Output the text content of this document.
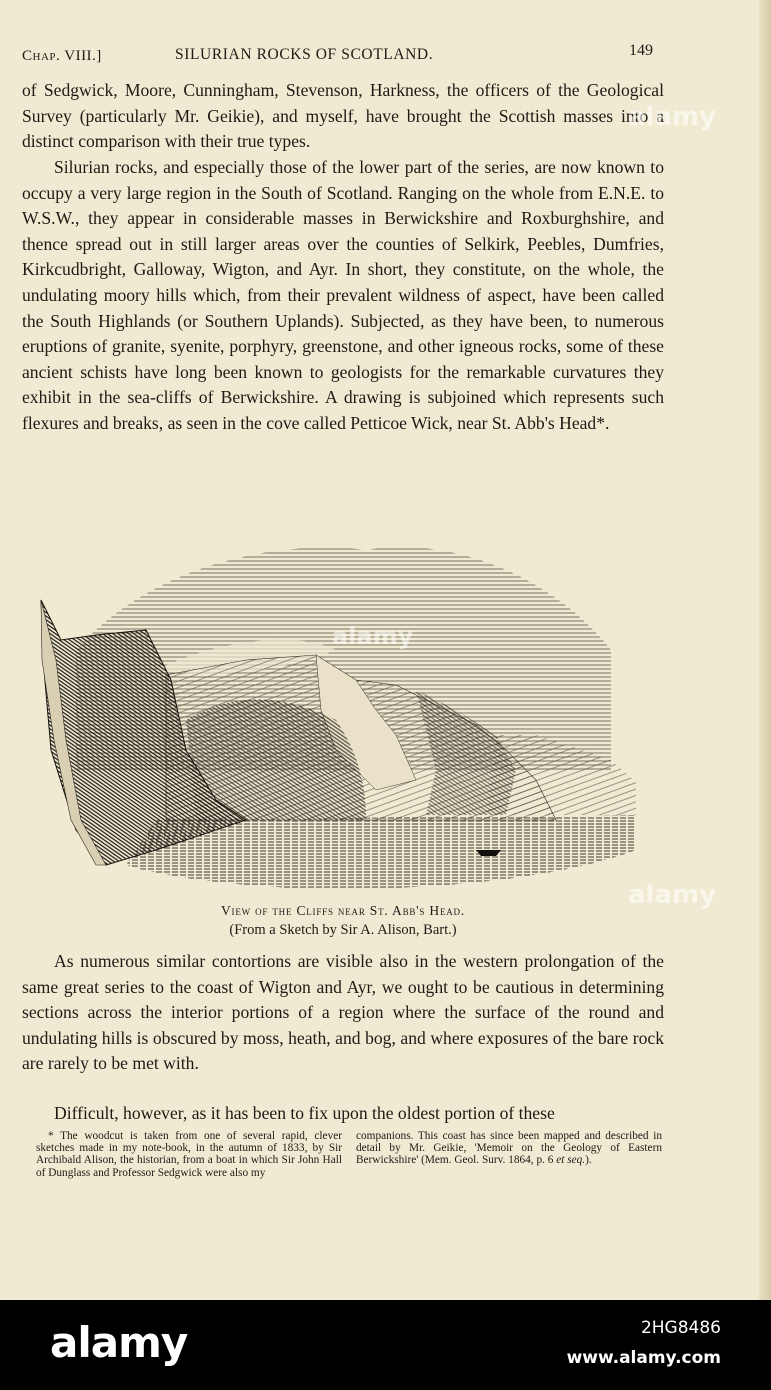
Chap. VIII.]	SILURIAN ROCKS OF SCOTLAND.	149

of Sedgwick, Moore, Cunningham, Stevenson, Harkness, the officers of the Geological Survey (particularly Mr. Geikie), and myself, have brought the Scottish masses into a distinct comparison with their true types.

Silurian rocks, and especially those of the lower part of the series, are now known to occupy a very large region in the South of Scotland. Ranging on the whole from E.N.E. to W.S.W., they appear in considerable masses in Berwickshire and Roxburghshire, and thence spread out in still larger areas over the counties of Selkirk, Peebles, Dumfries, Kirkcudbright, Galloway, Wigton, and Ayr. In short, they constitute, on the whole, the undulating moory hills which, from their prevalent wildness of aspect, have been called the South Highlands (or Southern Uplands). Subjected, as they have been, to numerous eruptions of granite, syenite, porphyry, greenstone, and other igneous rocks, some of these ancient schists have long been known to geologists for the remarkable curvatures they exhibit in the sea-cliffs of Berwickshire. A drawing is subjoined which represents such flexures and breaks, as seen in the cove called Petticoe Wick, near St. Abb's Head*.

View of the Cliffs near St. Abb's Head.
(From a Sketch by Sir A. Alison, Bart.)

As numerous similar contortions are visible also in the western prolongation of the same great series to the coast of Wigton and Ayr, we ought to be cautious in determining sections across the interior portions of a region where the surface of the round and undulating hills is obscured by moss, heath, and bog, and where exposures of the bare rock are rarely to be met with.

Difficult, however, as it has been to fix upon the oldest portion of these

* The woodcut is taken from one of several rapid, clever sketches made in my note-book, in the autumn of 1833, by Sir Archibald Alison, the historian, from a boat in which Sir John Hall of Dunglass and Professor Sedgwick were also my
companions. This coast has since been mapped and described in detail by Mr. Geikie, 'Memoir on the Geology of Eastern Berwickshire' (Mem. Geol. Surv. 1864, p. 6 et seq.).
alamy
alamy
alamy
alamy	2HG8486
www.alamy.com
